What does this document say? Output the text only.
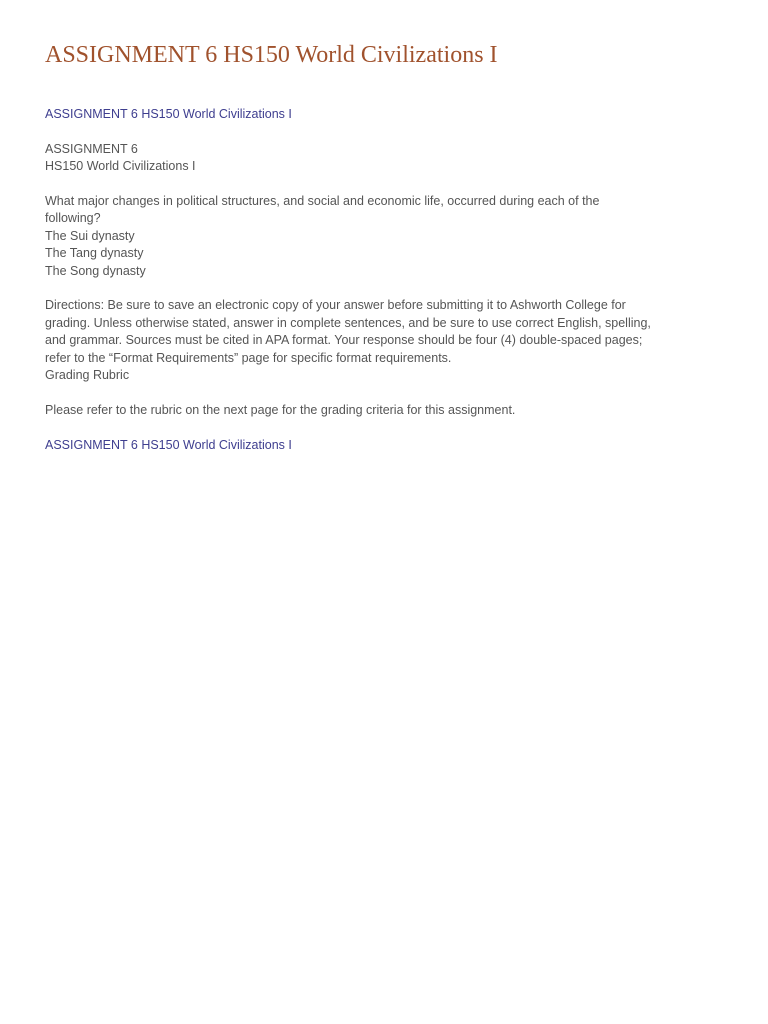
ASSIGNMENT 6 HS150 World Civilizations I
ASSIGNMENT 6 HS150 World Civilizations I
ASSIGNMENT 6
HS150 World Civilizations I
What major changes in political structures, and social and economic life, occurred during each of the following?
The Sui dynasty
The Tang dynasty
The Song dynasty
Directions: Be sure to save an electronic copy of your answer before submitting it to Ashworth College for grading. Unless otherwise stated, answer in complete sentences, and be sure to use correct English, spelling, and grammar. Sources must be cited in APA format. Your response should be four (4) double-spaced pages; refer to the “Format Requirements” page for specific format requirements.
Grading Rubric
Please refer to the rubric on the next page for the grading criteria for this assignment.
ASSIGNMENT 6 HS150 World Civilizations I
